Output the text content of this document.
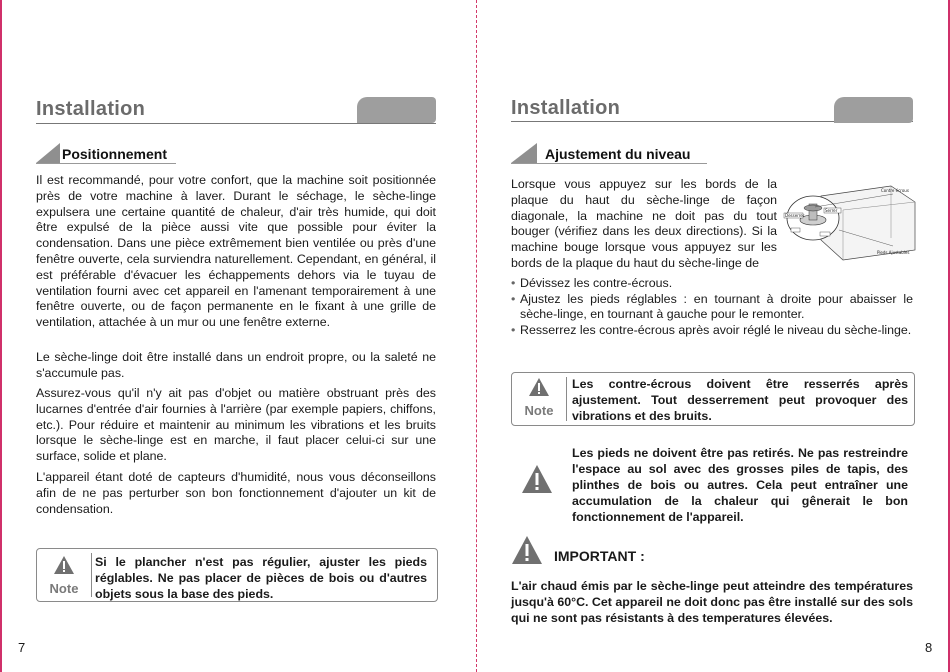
Installation
Positionnement

Il est recommandé, pour votre confort, que la machine soit positionnée près de votre machine à laver. Durant le séchage, le sèche-linge expulsera une certaine quantité de chaleur, d'air très humide, qui doit être expulsé de la pièce aussi vite que possible pour éviter la condensation. Dans une pièce extrêmement bien ventilée ou près d'une fenêtre ouverte, cela surviendra naturellement. Cependant, en général, il est préférable d'évacuer les échappements dehors via le tuyau de ventilation fourni avec cet appareil en l'amenant temporairement à une fenêtre ouverte, ou de façon permanente en le fixant à une grille de ventilation, attachée à un mur ou une fenêtre externe.

Le sèche-linge doit être installé dans un endroit propre, ou la saleté ne s'accumule pas.

Assurez-vous qu'il n'y ait pas d'objet ou matière obstruant près des lucarnes d'entrée d'air fournies à l'arrière (par exemple papiers, chiffons, etc.). Pour réduire et maintenir au minimum les vibrations et les bruits lorsque le sèche-linge est en marche, il faut placer celui-ci sur une surface, solide et plane.

L'appareil étant doté de capteurs d'humidité, nous vous déconseillons afin de ne pas perturber son bon fonctionnement d'ajouter un kit de condensation.

Note

Si le plancher n'est pas régulier, ajuster les pieds réglables. Ne pas placer de pièces de bois ou d'autres objets sous la base des pieds.

7
Installation
Ajustement du niveau

Lorsque vous appuyez sur les bords de la plaque du haut du sèche-linge de façon diagonale, la machine ne doit pas du tout bouger (vérifiez dans les deux directions). Si la machine bouge lorsque vous appuyez sur les bords de la plaque du haut du sèche-linge de

Contre écrous
Desserrer
Serrer
Pieds Ajustables
• Dévissez les contre-écrous.
• Ajustez les pieds réglables : en tournant à droite pour abaisser le sèche-linge, en tournant à gauche pour le remonter.
• Resserrez les contre-écrous après avoir réglé le niveau du sèche-linge.
Note

Les contre-écrous doivent être resserrés après ajustement. Tout desserrement peut provoquer des vibrations et des bruits.

Les pieds ne doivent être pas retirés. Ne pas restreindre l'espace au sol avec des grosses piles de tapis, des plinthes de bois ou autres. Cela peut entraîner une accumulation de la chaleur qui gênerait le bon fonctionnement de l'appareil.

IMPORTANT :

L'air chaud émis par le sèche-linge peut atteindre des températures jusqu'à 60°C. Cet appareil ne doit donc pas être installé sur des sols qui ne sont pas résistants à des temperatures élevées.

8
